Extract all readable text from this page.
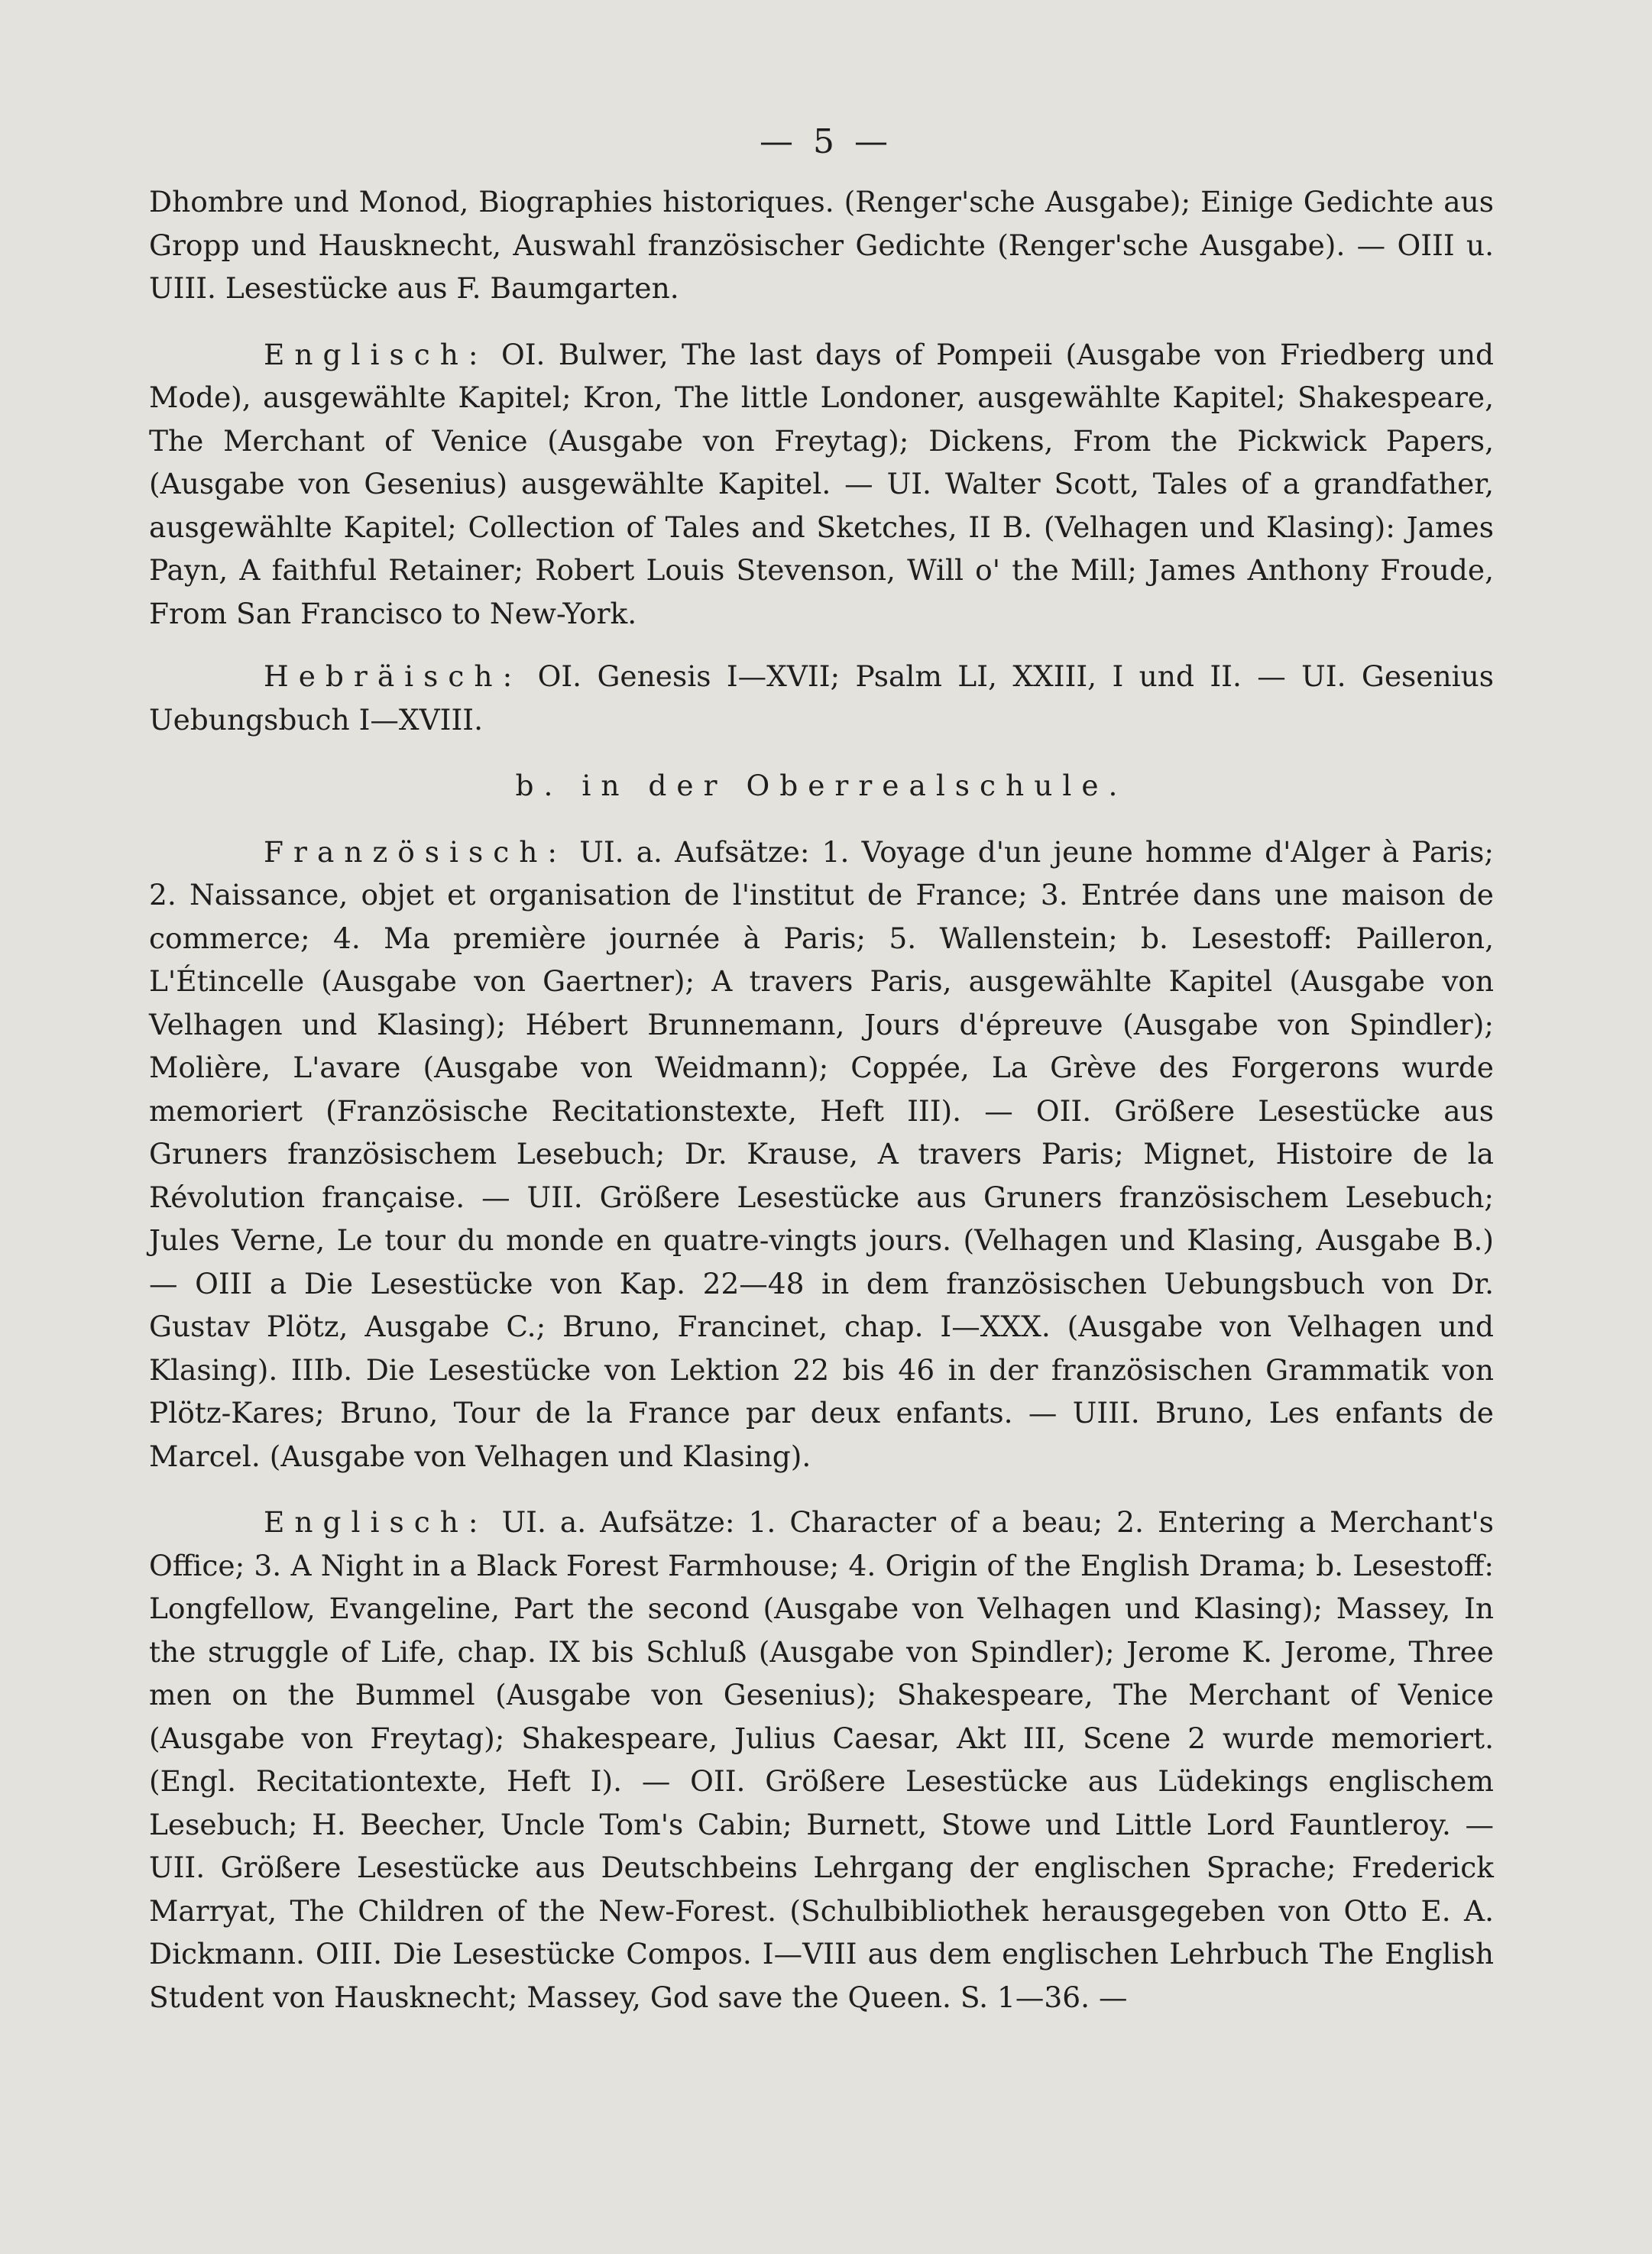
— 5 —

Dhombre und Monod, Biographies historiques. (Renger'sche Ausgabe); Einige Gedichte aus Gropp und Hausknecht, Auswahl französischer Gedichte (Renger'sche Ausgabe). — OIII u. UIII. Lesestücke aus F. Baumgarten.

Englisch: OI. Bulwer, The last days of Pompeii (Ausgabe von Friedberg und Mode), ausgewählte Kapitel; Kron, The little Londoner, ausgewählte Kapitel; Shakespeare, The Merchant of Venice (Ausgabe von Freytag); Dickens, From the Pickwick Papers, (Ausgabe von Gesenius) ausgewählte Kapitel. — UI. Walter Scott, Tales of a grandfather, ausgewählte Kapitel; Collection of Tales and Sketches, II B. (Velhagen und Klasing): James Payn, A faithful Retainer; Robert Louis Stevenson, Will o' the Mill; James Anthony Froude, From San Francisco to New-York.

Hebräisch: OI. Genesis I—XVII; Psalm LI, XXIII, I und II. — UI. Gesenius Uebungsbuch I—XVIII.

b. in der Oberrealschule.

Französisch: UI. a. Aufsätze: 1. Voyage d'un jeune homme d'Alger à Paris; 2. Naissance, objet et organisation de l'institut de France; 3. Entrée dans une maison de commerce; 4. Ma première journée à Paris; 5. Wallenstein; b. Lesestoff: Pailleron, L'Étincelle (Ausgabe von Gaertner); A travers Paris, ausgewählte Kapitel (Ausgabe von Velhagen und Klasing); Hébert Brunnemann, Jours d'épreuve (Ausgabe von Spindler); Molière, L'avare (Ausgabe von Weidmann); Coppée, La Grève des Forgerons wurde memoriert (Französische Recitationstexte, Heft III). — OII. Größere Lesestücke aus Gruners französischem Lesebuch; Dr. Krause, A travers Paris; Mignet, Histoire de la Révolution française. — UII. Größere Lesestücke aus Gruners französischem Lesebuch; Jules Verne, Le tour du monde en quatre-vingts jours. (Velhagen und Klasing, Ausgabe B.) — OIII a Die Lesestücke von Kap. 22—48 in dem französischen Uebungsbuch von Dr. Gustav Plötz, Ausgabe C.; Bruno, Francinet, chap. I—XXX. (Ausgabe von Velhagen und Klasing). IIIb. Die Lesestücke von Lektion 22 bis 46 in der französischen Grammatik von Plötz-Kares; Bruno, Tour de la France par deux enfants. — UIII. Bruno, Les enfants de Marcel. (Ausgabe von Velhagen und Klasing).

Englisch: UI. a. Aufsätze: 1. Character of a beau; 2. Entering a Merchant's Office; 3. A Night in a Black Forest Farmhouse; 4. Origin of the English Drama; b. Lesestoff: Longfellow, Evangeline, Part the second (Ausgabe von Velhagen und Klasing); Massey, In the struggle of Life, chap. IX bis Schluß (Ausgabe von Spindler); Jerome K. Jerome, Three men on the Bummel (Ausgabe von Gesenius); Shakespeare, The Merchant of Venice (Ausgabe von Freytag); Shakespeare, Julius Caesar, Akt III, Scene 2 wurde memoriert. (Engl. Recitationtexte, Heft I). — OII. Größere Lesestücke aus Lüdekings englischem Lesebuch; H. Beecher, Uncle Tom's Cabin; Burnett, Stowe und Little Lord Fauntleroy. — UII. Größere Lesestücke aus Deutschbeins Lehrgang der englischen Sprache; Frederick Marryat, The Children of the New-Forest. (Schulbibliothek herausgegeben von Otto E. A. Dickmann. OIII. Die Lesestücke Compos. I—VIII aus dem englischen Lehrbuch The English Student von Hausknecht; Massey, God save the Queen. S. 1—36. —
